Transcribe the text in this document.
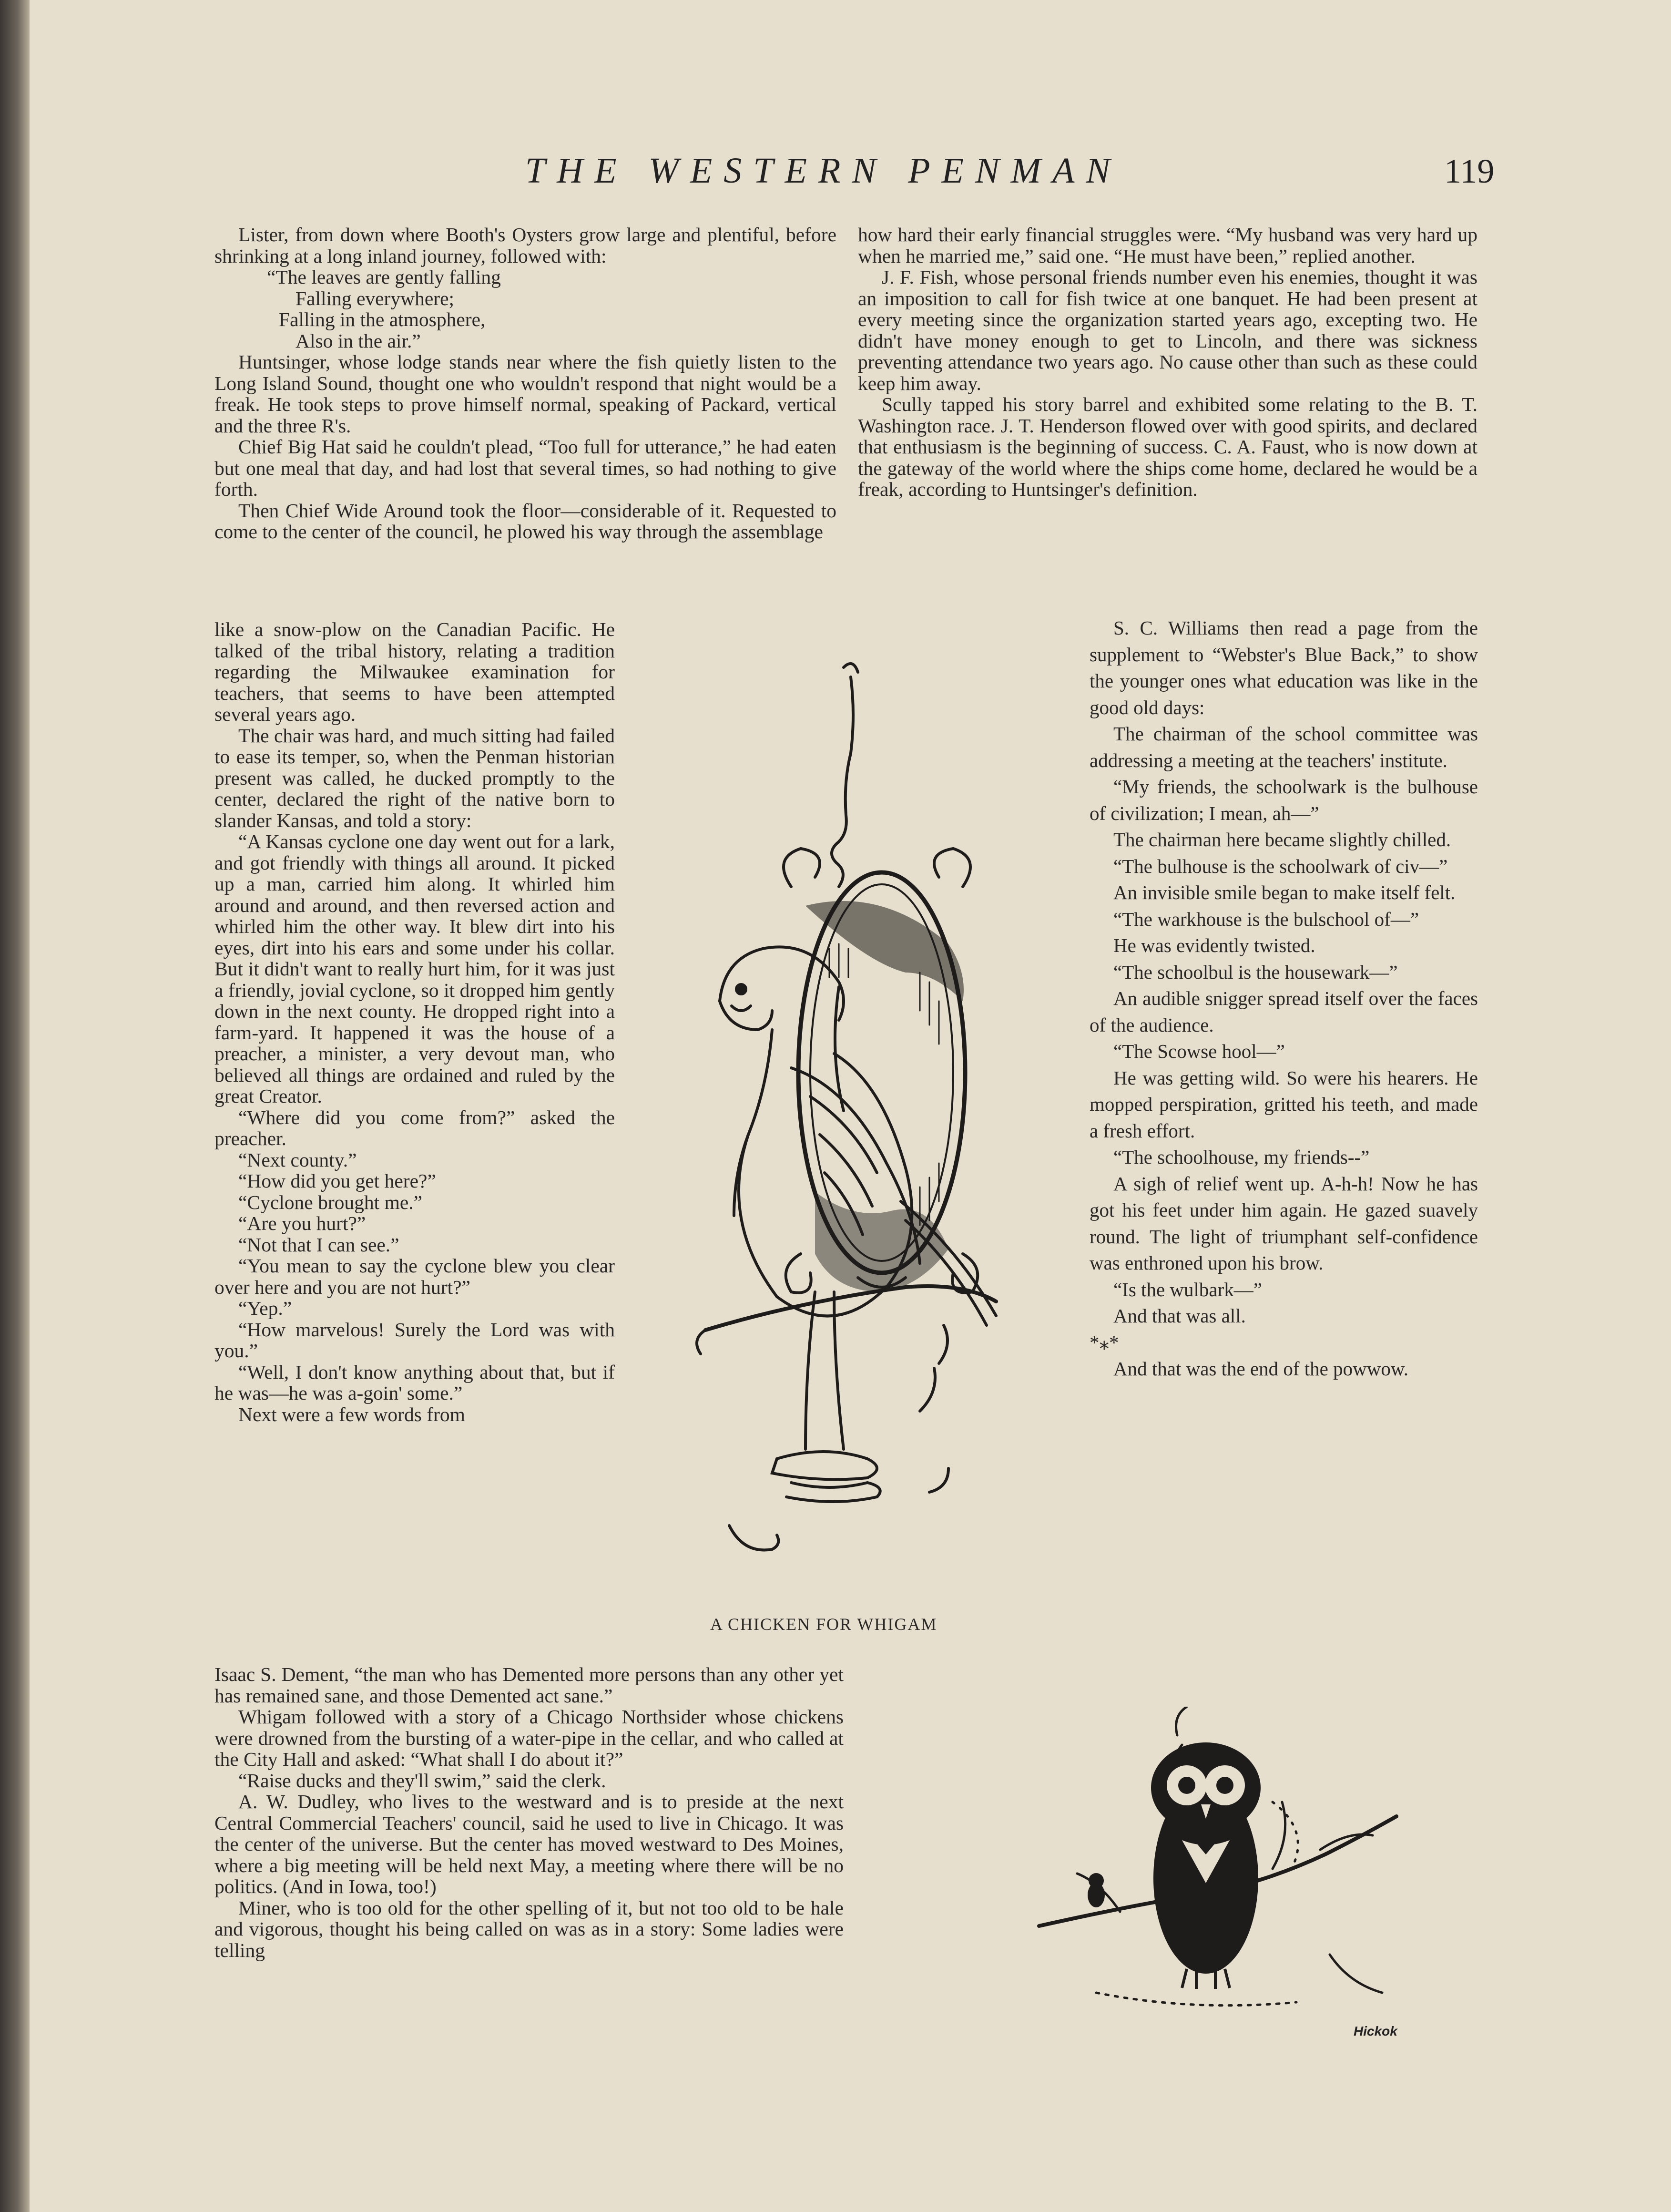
THE WESTERN PENMAN	119

Lister, from down where Booth's Oysters grow large and plentiful, before shrinking at a long inland journey, followed with:

“The leaves are gently falling
Falling everywhere;
Falling in the atmosphere,
Also in the air.”

Huntsinger, whose lodge stands near where the fish quietly listen to the Long Island Sound, thought one who wouldn't respond that night would be a freak. He took steps to prove himself normal, speaking of Packard, vertical and the three R's.

Chief Big Hat said he couldn't plead, “Too full for utterance,” he had eaten but one meal that day, and had lost that several times, so had nothing to give forth.

Then Chief Wide Around took the floor—considerable of it. Requested to come to the center of the council, he plowed his way through the assemblage

like a snow-plow on the Canadian Pacific. He talked of the tribal history, relating a tradition regarding the Milwaukee examination for teachers, that seems to have been attempted several years ago.

The chair was hard, and much sitting had failed to ease its temper, so, when the Penman historian present was called, he ducked promptly to the center, declared the right of the native born to slander Kansas, and told a story:

“A Kansas cyclone one day went out for a lark, and got friendly with things all around. It picked up a man, carried him along. It whirled him around and around, and then reversed action and whirled him the other way. It blew dirt into his eyes, dirt into his ears and some under his collar. But it didn't want to really hurt him, for it was just a friendly, jovial cyclone, so it dropped him gently down in the next county. He dropped right into a farm-yard. It happened it was the house of a preacher, a minister, a very devout man, who believed all things are ordained and ruled by the great Creator.

“Where did you come from?” asked the preacher.

“Next county.”

“How did you get here?”

“Cyclone brought me.”

“Are you hurt?”

“Not that I can see.”

“You mean to say the cyclone blew you clear over here and you are not hurt?”

“Yep.”

“How marvelous! Surely the Lord was with you.”

“Well, I don't know anything about that, but if he was—he was a-goin' some.”

Next were a few words from

Isaac S. Dement, “the man who has Demented more persons than any other yet has remained sane, and those Demented act sane.”

Whigam followed with a story of a Chicago Northsider whose chickens were drowned from the bursting of a water-pipe in the cellar, and who called at the City Hall and asked: “What shall I do about it?”

“Raise ducks and they'll swim,” said the clerk.

A. W. Dudley, who lives to the westward and is to preside at the next Central Commercial Teachers' council, said he used to live in Chicago. It was the center of the universe. But the center has moved westward to Des Moines, where a big meeting will be held next May, a meeting where there will be no politics. (And in Iowa, too!)

Miner, who is too old for the other spelling of it, but not too old to be hale and vigorous, thought his being called on was as in a story: Some ladies were telling

how hard their early financial struggles were. “My husband was very hard up when he married me,” said one. “He must have been,” replied another.

J. F. Fish, whose personal friends number even his enemies, thought it was an imposition to call for fish twice at one banquet. He had been present at every meeting since the organization started years ago, excepting two. He didn't have money enough to get to Lincoln, and there was sickness preventing attendance two years ago. No cause other than such as these could keep him away.

Scully tapped his story barrel and exhibited some relating to the B. T. Washington race. J. T. Henderson flowed over with good spirits, and declared that enthusiasm is the beginning of success. C. A. Faust, who is now down at the gateway of the world where the ships come home, declared he would be a freak, according to Huntsinger's definition.

S. C. Williams then read a page from the supplement to “Webster's Blue Back,” to show the younger ones what education was like in the good old days:

The chairman of the school committee was addressing a meeting at the teachers' institute.

“My friends, the schoolwark is the bulhouse of civilization; I mean, ah—”

The chairman here became slightly chilled.

“The bulhouse is the schoolwark of civ—”

An invisible smile began to make itself felt.

“The warkhouse is the bulschool of—”

He was evidently twisted.

“The schoolbul is the housewark—”

An audible snigger spread itself over the faces of the audience.

“The Scowse hool—”

He was getting wild. So were his hearers. He mopped perspiration, gritted his teeth, and made a fresh effort.

“The schoolhouse, my friends--”

A sigh of relief went up. A-h-h! Now he has got his feet under him again. He gazed suavely round. The light of triumphant self-confidence was enthroned upon his brow.

“Is the wulbark—”

And that was all.

*⁎*

And that was the end of the powwow.

A CHICKEN FOR WHIGAM
Hickok
